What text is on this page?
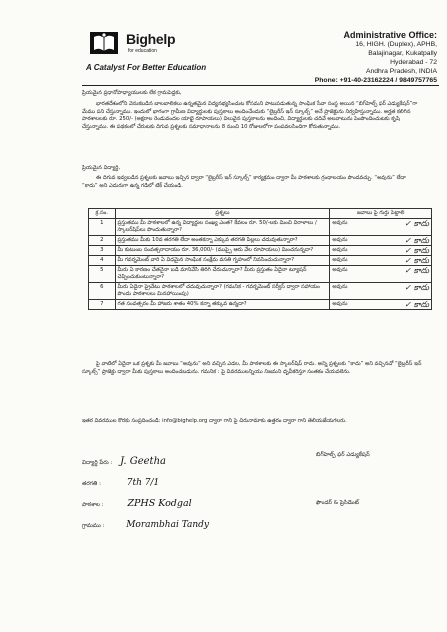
Bighelp
for education
A Catalyst For Better Education
Administrative Office:
16, HIGH. (Duplex), APHB,
Balajinagar, Kukatpally
Hyderabad - 72
Andhra Pradesh, INDIA
Phone: +91-40-23162224 / 9849757765
ప్రియమైన ప్రధానోపాధ్యాయులకు లేక గ్రామపెద్దకు,
భారతదేశంలోని వెనుకబడిన బాలబాలికలు ఉన్నతమైన విద్యనభ్యసించుట కోసమని పాటుపడుతున్న సాంఘిక సేవా సంస్థ అయిన “బిగ్‌హెల్ప్ ఫర్ ఎడ్యుకేషన్”గా మేము పని చేస్తున్నాము. ఇందులో భాగంగా గ్రామీణ విద్యార్థులకు పుస్తకాలు అందించేందుకు “లైబ్రరీస్ ఇన్ స్కూల్స్” అనే ప్రాజెక్టును నిర్వహిస్తున్నాము. అర్హత కలిగిన పాఠశాలలకు రూ. 250/- (అక్షరాల రెండువందల యాభై రూపాయలు) విలువైన పుస్తకాలను అందించి, విద్యార్థులకు చదివే అలవాటును పెంపొందించుటకు కృషి చేస్తున్నాము. ఈ పథకంలో చేరుటకు దిగువ ప్రశ్నలకు సమాధానాలను 8 నుంచి 10 రోజులలోగా పంపవలసిందిగా కోరుతున్నాము.
ప్రియమైన విద్యార్థి,
ఈ దిగువ ఇవ్వబడిన ప్రశ్నలకు జవాబు ఇచ్చిన ద్వారా “లైబ్రరీస్ ఇన్ స్కూల్స్” కార్యక్రమం ద్వారా మీ పాఠశాలకు గ్రంథాలయం పొందవచ్చు. “అవును” లేదా “కాదు” అని ఎదురుగా ఉన్న గడిలో టిక్ చేయండి.
క్ర.సం.	ప్రశ్నలు	జవాబు పై గుర్తు పెట్టాలి
1	ప్రస్తుతము మీ పాఠశాలలో ఉన్న విద్యార్థుల సంఖ్య ఎంత? కేవలం రూ. 50/-లకు మించి విరాళాలు / స్కాలర్‌షిప్‌లు పొందుతున్నారా?	అవును ✓ కాదు

2	ప్రస్తుతము మీకు 10వ తరగతి లేదా అంతకన్నా ఎక్కువ తరగతి పిల్లలు చదువుతున్నారా?	అవును ✓ కాదు

3	మీ కుటుంబ సంవత్సరాదాయం రూ. 36,000/- (ముప్పై ఆరు వేల రూపాయలు) మించనున్నదా?	అవును ✓ కాదు

4	మీ గవర్నమెంట్ వారి ఏ విధమైన సాంఘిక సంక్షేమ వసతి గృహంలో నివసించుచున్నారా?	అవును ✓ కాదు

5	మీరు ఏ కారణం చేతనైనా బడి మానివేసి తిరిగి చేరుచున్నారా? మీరు ప్రస్తుతం ఏదైనా ట్యూషన్ చెప్పించుకుంటున్నారా?	అవును ✓ కాదు

6	మీరు ఏదైనా ప్రైవేటు పాఠశాలలో చదువుచున్నారా? (గమనిక - గవర్నమెంట్ సర్వీస్ ద్వారా సహాయం పొందు పాఠశాలలు మినహాయింపు)	అవును ✓ కాదు

7	గత సంవత్సరం మీ హాజరు శాతం 40% కన్నా తక్కువ ఉన్నదా?	అవును ✓ కాదు
పై వాటిలో ఏదైనా ఒక ప్రశ్నకు మీ జవాబు “అవును” అని వచ్చిన ఎడల, మీ పాఠశాలకు ఈ స్కాలర్‌షిప్ రాదు. అన్ని ప్రశ్నలకు “కాదు” అని వచ్చినచో “లైబ్రరీస్ ఇన్ స్కూల్స్” ప్రాజెక్టు ద్వారా మీకు పుస్తకాలు అందించబడును. గమనిక : పై వివరములన్నియు నిజమని ధృవీకరిస్తూ సంతకం చేయవలెను.
ఇతర వివరముల కొరకు సంప్రదించండి: info@bighelp.org ద్వారా గాని పై చిరునామాకు ఉత్తరం ద్వారా గాని తెలియజేయగలరు.
విద్యార్థి పేరు : J. Geetha
తరగతి :	7th 7/1
పాఠశాల :	ZPHS Kodgal
గ్రామము : Morambhai Tandy
బిగ్‌హెల్ప్ ఫర్ ఎడ్యుకేషన్
ఫౌండర్ & ప్రెసిడెంట్
